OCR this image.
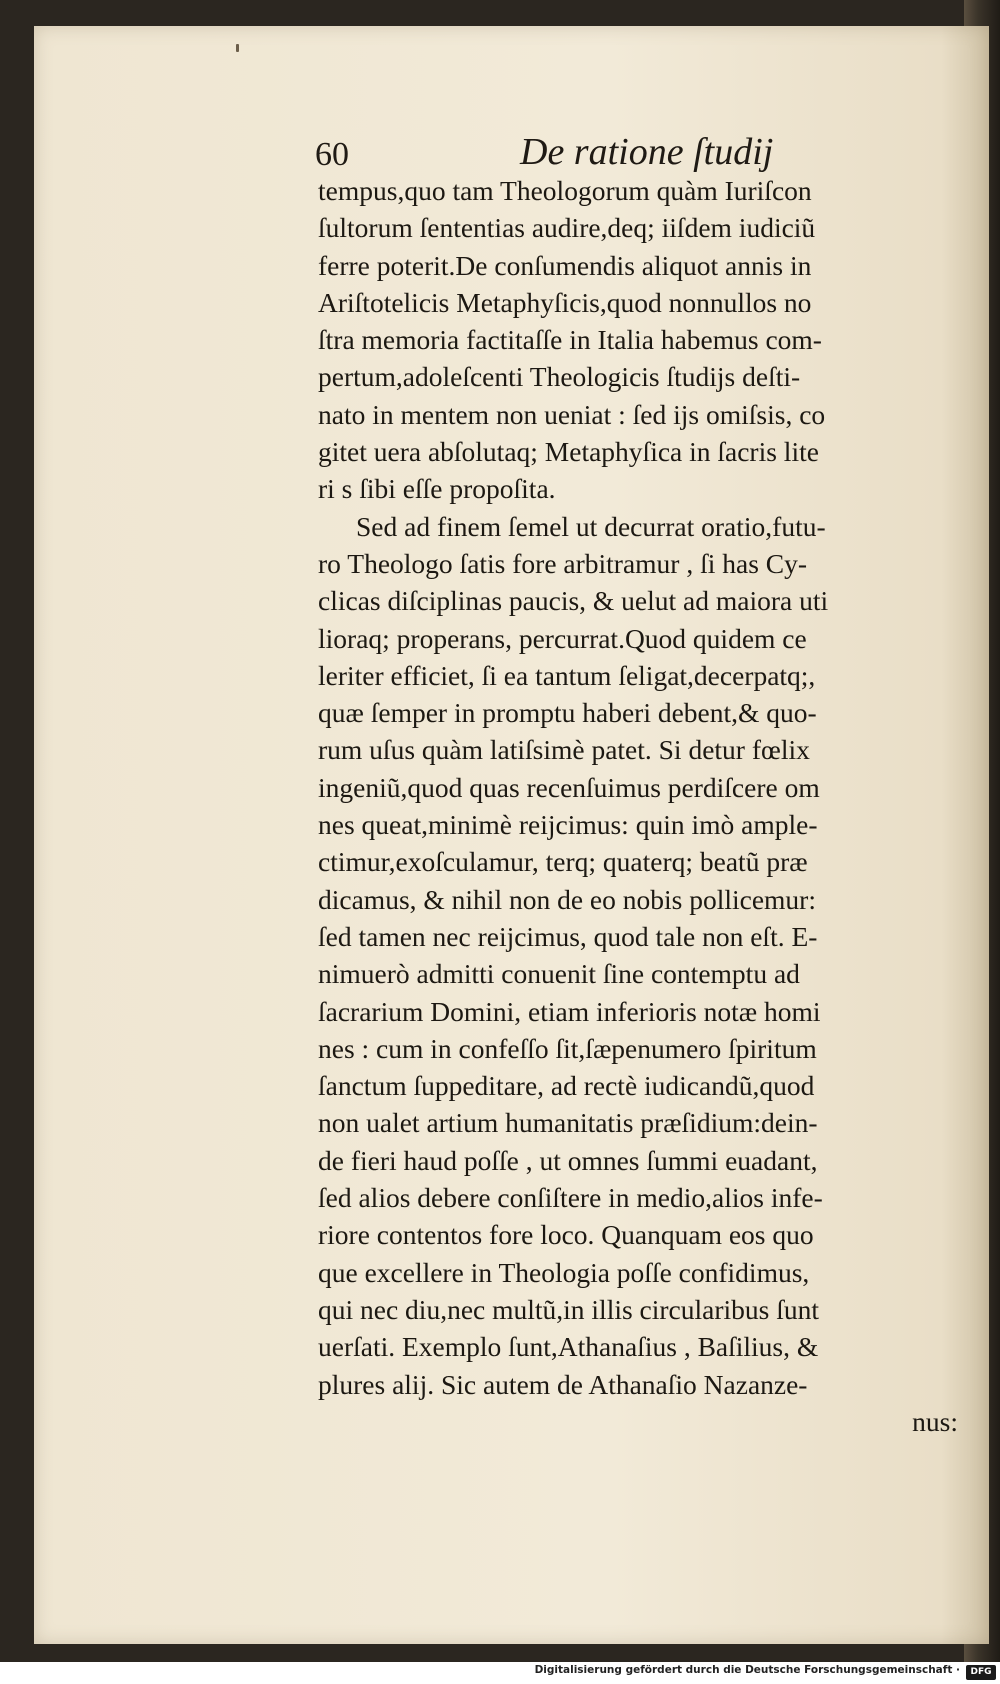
60	De ratione ſtudij
tempus,quo tam Theologorum quàm Iuriſcon
ſultorum ſententias audire,deq; iiſdem iudiciũ
ferre poterit.De conſumendis aliquot annis in
Ariſtotelicis Metaphyſicis,quod nonnullos no
ſtra memoria factitaſſe in Italia habemus com-
pertum,adoleſcenti Theologicis ſtudijs deſti-
nato in mentem non ueniat : ſed ijs omiſsis, co
gitet uera abſolutaq; Metaphyſica in ſacris lite
ri s ſibi eſſe propoſita.
Sed ad finem ſemel ut decurrat oratio,futu-
ro Theologo ſatis fore arbitramur , ſi has Cy-
clicas diſciplinas paucis, & uelut ad maiora uti
lioraq; properans, percurrat.Quod quidem ce
leriter efficiet, ſi ea tantum ſeligat,decerpatq;,
quæ ſemper in promptu haberi debent,& quo-
rum uſus quàm latiſsimè patet. Si detur fœlix
ingeniũ,quod quas recenſuimus perdiſcere om
nes queat,minimè reijcimus: quin imò ample-
ctimur,exoſculamur, terq; quaterq; beatũ præ
dicamus, & nihil non de eo nobis pollicemur:
ſed tamen nec reijcimus, quod tale non eſt. E-
nimuerò admitti conuenit ſine contemptu ad
ſacrarium Domini, etiam inferioris notæ homi
nes : cum in confeſſo ſit,ſæpenumero ſpiritum
ſanctum ſuppeditare, ad rectè iudicandũ,quod
non ualet artium humanitatis præſidium:dein-
de fieri haud poſſe , ut omnes ſummi euadant,
ſed alios debere conſiſtere in medio,alios infe-
riore contentos fore loco. Quanquam eos quo
que excellere in Theologia poſſe confidimus,
qui nec diu,nec multũ,in illis circularibus ſunt
uerſati. Exemplo ſunt,Athanaſius , Baſilius, &
plures alij. Sic autem de Athanaſio Nazanze-
nus:
Digitalisierung gefördert durch die Deutsche Forschungsgemeinschaft ·	DFG
